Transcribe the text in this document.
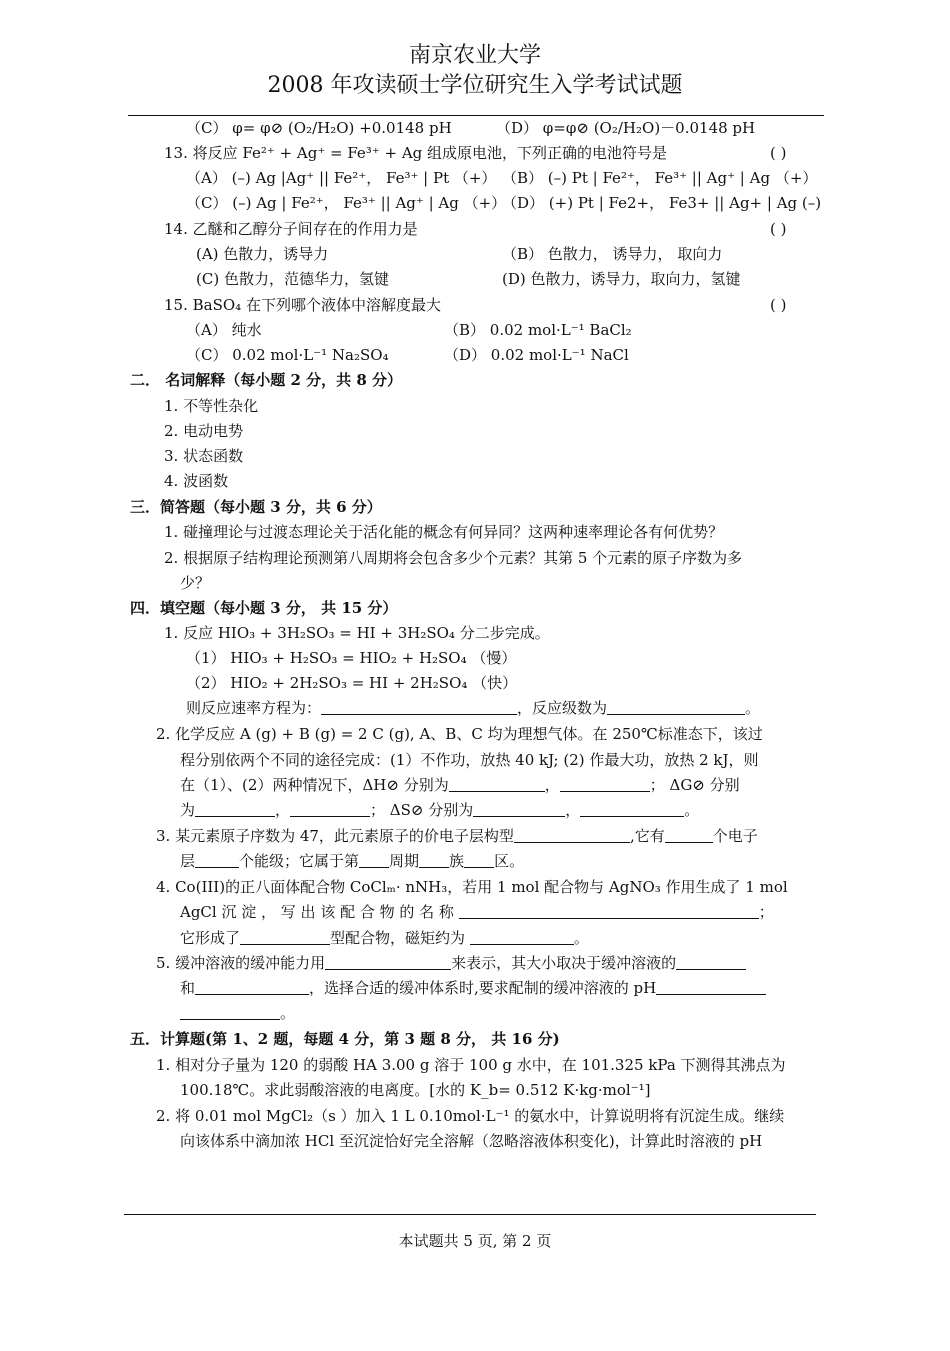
南京农业大学
2008 年攻读硕士学位研究生入学考试试题
（C） φ= φ⊘ (O₂/H₂O) +0.0148 pH	（D） φ=φ⊘ (O₂/H₂O)－0.0148 pH
13. 将反应 Fe²⁺ + Ag⁺ = Fe³⁺ + Ag 组成原电池，下列正确的电池符号是	( )
（A） (–) Ag |Ag⁺ || Fe²⁺， Fe³⁺ | Pt （+） （B） (–) Pt | Fe²⁺， Fe³⁺ || Ag⁺ | Ag （+）
（C） (–) Ag | Fe²⁺， Fe³⁺ || Ag⁺ | Ag （+）
（D） (+) Pt | Fe2+， Fe3+ || Ag+ | Ag (–)
14. 乙醚和乙醇分子间存在的作用力是	( )
(A) 色散力，诱导力	（B） 色散力， 诱导力， 取向力
(C) 色散力，范德华力，氢键	(D) 色散力，诱导力，取向力，氢键
15. BaSO₄ 在下列哪个液体中溶解度最大	( )
（A） 纯水	（B） 0.02 mol·L⁻¹ BaCl₂
（C） 0.02 mol·L⁻¹ Na₂SO₄	（D） 0.02 mol·L⁻¹ NaCl
二． 名词解释（每小题 2 分，共 8 分）
1. 不等性杂化
2. 电动电势
3. 状态函数
4. 波函数
三．简答题（每小题 3 分，共 6 分）
1. 碰撞理论与过渡态理论关于活化能的概念有何异同？这两种速率理论各有何优势？
2. 根据原子结构理论预测第八周期将会包含多少个元素？其第 5 个元素的原子序数为多
少？
四．填空题（每小题 3 分， 共 15 分）
1. 反应 HIO₃ + 3H₂SO₃ = HI + 3H₂SO₄ 分二步完成。
（1） HIO₃ + H₂SO₃ = HIO₂ + H₂SO₄ （慢）
（2） HIO₂ + 2H₂SO₃ = HI + 2H₂SO₄ （快）
则反应速率方程为：	，反应级数为	。
2. 化学反应 A (g) + B (g) = 2 C (g), A、B、C 均为理想气体。在 250℃标准态下，该过
程分别依两个不同的途径完成：(1）不作功，放热 40 kJ; (2) 作最大功，放热 2 kJ，则
在（1）、(2）两种情况下，ΔH⊘ 分别为	，	； ΔG⊘ 分别
为	，	； ΔS⊘ 分别为	，	。
3. 某元素原子序数为 47，此元素原子的价电子层构型	,它有	个电子
层	个能级；它属于第 周期 族 区。
4. Co(III)的正八面体配合物 CoClₘ· nNH₃，若用 1 mol 配合物与 AgNO₃ 作用生成了 1 mol
AgCl 沉 淀 ， 写 出 该 配 合 物 的 名 称	；
它形成了	型配合物，磁矩约为	。
5. 缓冲溶液的缓冲能力用	来表示，其大小取决于缓冲溶液的
和	，选择合适的缓冲体系时,要求配制的缓冲溶液的 pH
。
五．计算题(第 1、2 题，每题 4 分，第 3 题 8 分， 共 16 分)
1. 相对分子量为 120 的弱酸 HA 3.00 g 溶于 100 g 水中，在 101.325 kPa 下测得其沸点为
100.18℃。求此弱酸溶液的电离度。[水的 K_b= 0.512 K·kg·mol⁻¹]
2. 将 0.01 mol MgCl₂（s ）加入 1 L 0.10mol·L⁻¹ 的氨水中，计算说明将有沉淀生成。继续
向该体系中滴加浓 HCl 至沉淀恰好完全溶解（忽略溶液体积变化)，计算此时溶液的 pH
本试题共 5 页, 第 2 页
